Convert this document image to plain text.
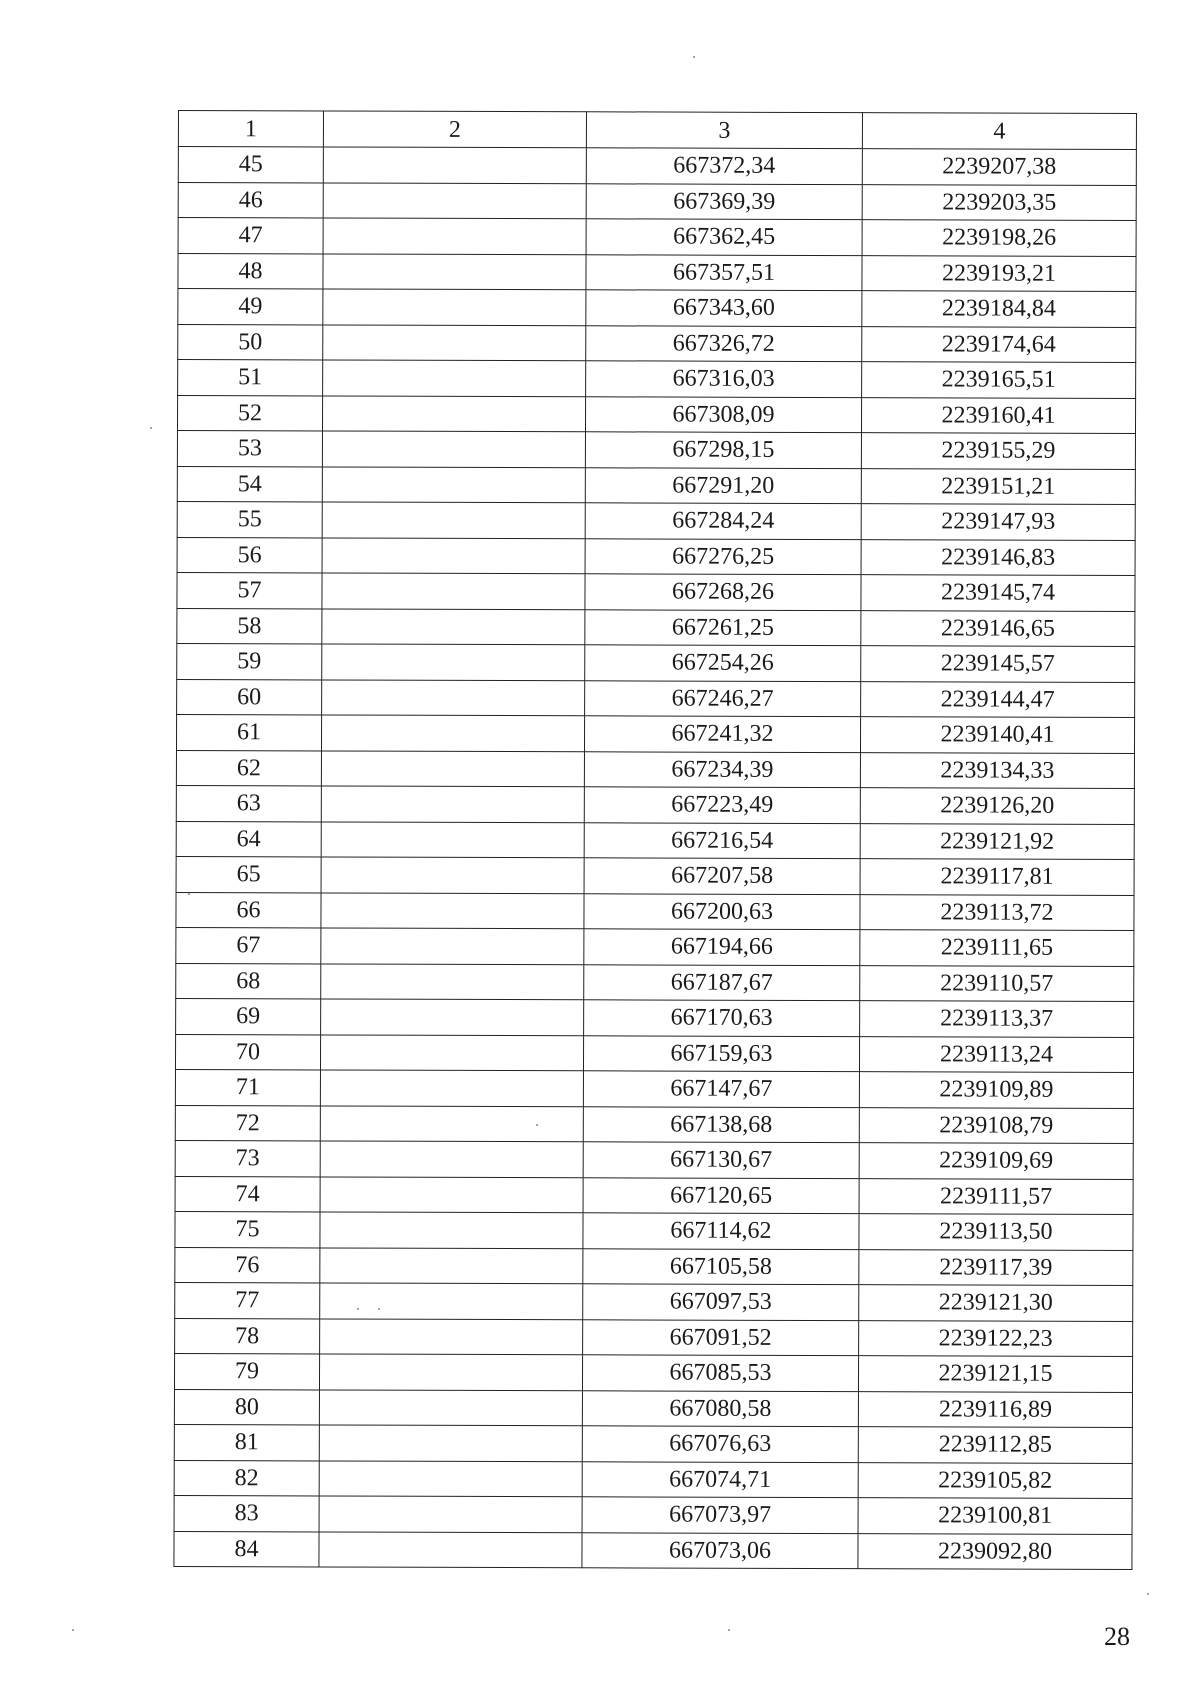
1	2	3	4
45		667372,34	2239207,38
46		667369,39	2239203,35
47		667362,45	2239198,26
48		667357,51	2239193,21
49		667343,60	2239184,84
50		667326,72	2239174,64
51		667316,03	2239165,51
52		667308,09	2239160,41
53		667298,15	2239155,29
54		667291,20	2239151,21
55		667284,24	2239147,93
56		667276,25	2239146,83
57		667268,26	2239145,74
58		667261,25	2239146,65
59		667254,26	2239145,57
60		667246,27	2239144,47
61		667241,32	2239140,41
62		667234,39	2239134,33
63		667223,49	2239126,20
64		667216,54	2239121,92
65		667207,58	2239117,81
66		667200,63	2239113,72
67		667194,66	2239111,65
68		667187,67	2239110,57
69		667170,63	2239113,37
70		667159,63	2239113,24
71		667147,67	2239109,89
72		667138,68	2239108,79
73		667130,67	2239109,69
74		667120,65	2239111,57
75		667114,62	2239113,50
76		667105,58	2239117,39
77		667097,53	2239121,30
78		667091,52	2239122,23
79		667085,53	2239121,15
80		667080,58	2239116,89
81		667076,63	2239112,85
82		667074,71	2239105,82
83		667073,97	2239100,81
84		667073,06	2239092,80
28
